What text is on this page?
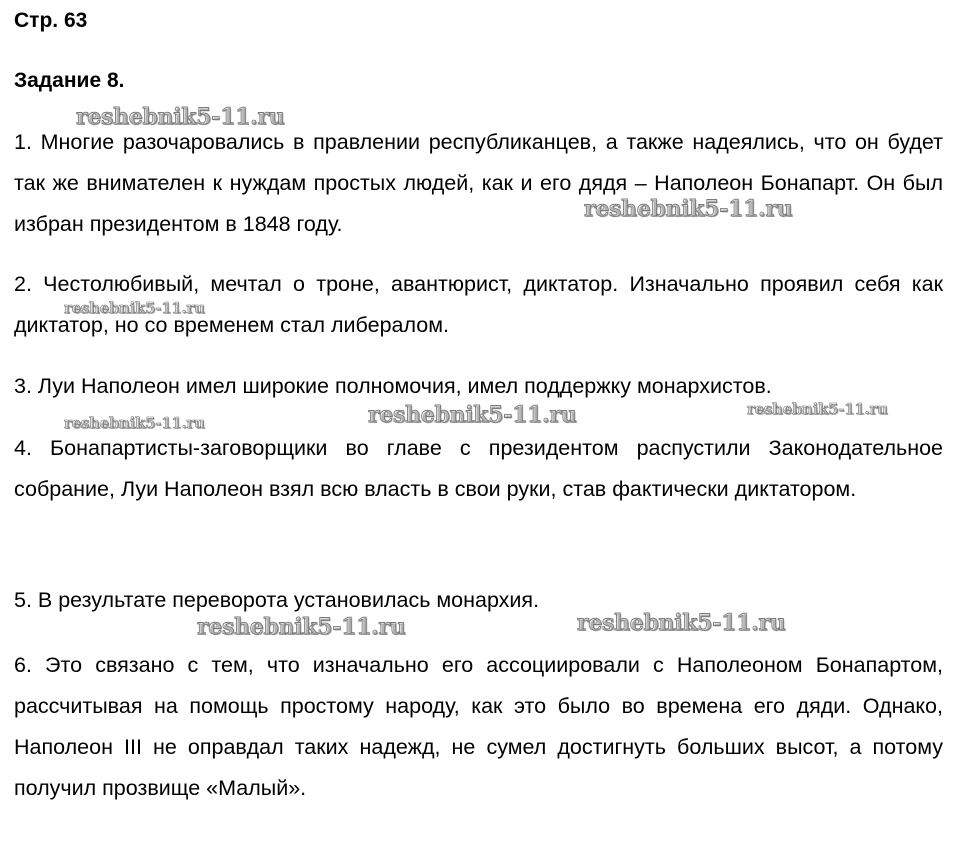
Стр. 63
Задание 8.

1. Многие разочаровались в правлении республиканцев, а также надеялись, что он будет так же внимателен к нуждам простых людей, как и его дядя – Наполеон Бонапарт. Он был избран президентом в 1848 году.

2. Честолюбивый, мечтал о троне, авантюрист, диктатор. Изначально проявил себя как диктатор, но со временем стал либералом.

3. Луи Наполеон имел широкие полномочия, имел поддержку монархистов.

4. Бонапартисты-заговорщики во главе с президентом распустили Законодательное собрание, Луи Наполеон взял всю власть в свои руки, став фактически диктатором.

5. В результате переворота установилась монархия.

6. Это связано с тем, что изначально его ассоциировали с Наполеоном Бонапартом, рассчитывая на помощь простому народу, как это было во времена его дяди. Однако, Наполеон III не оправдал таких надежд, не сумел достигнуть больших высот, а потому получил прозвище «Малый».

reshebnik5-11.ru
reshebnik5-11.ru
reshebnik5-11.ru
reshebnik5-11.ru	reshebnik5-11.ru	reshebnik5-11.ru
reshebnik5-11.ru	reshebnik5-11.ru
